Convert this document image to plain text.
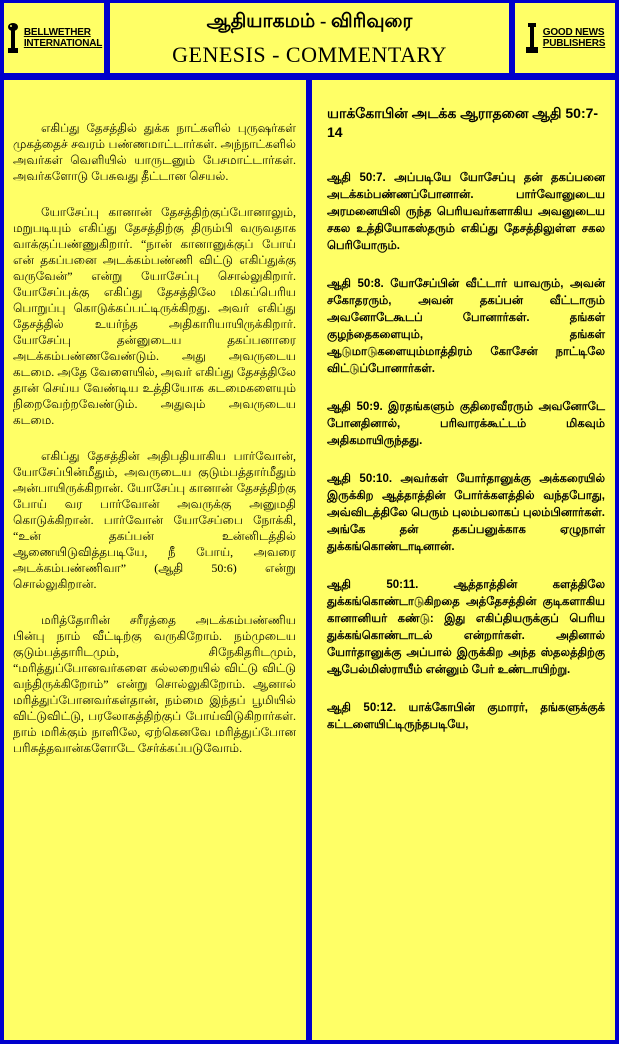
BELLWETHER
INTERNATIONAL
ஆதியாகமம் - விரிவுரை
GENESIS - COMMENTARY
GOOD NEWS
PUBLISHERS

எகிப்து தேசத்தில் துக்க நாட்களில் புருஷர்கள் முகத்தைச் சவரம் பண்ணமாட்டார்கள். அந்நாட்களில் அவர்கள் வெளியில் யாருடனும் பேசமாட்டார்கள். அவர்களோடு பேசுவது தீட்டான செயல்.

யோசேப்பு கானான் தேசத்திற்குப்போனாலும், மறுபடியும் எகிப்து தேசத்திற்கு திரும்பி வருவதாக வாக்குப்பண்ணுகிறார். “நான் கானானுக்குப் போய் என் தகப்பனை அடக்கம்பண்ணி விட்டு எகிப்துக்கு வருவேன்” என்று யோசேப்பு சொல்லுகிறார். யோசேப்புக்கு எகிப்து தேசத்திலே மிகப்பெரிய பொறுப்பு கொடுக்கப்பட்டிருக்கிறது. அவர் எகிப்து தேசத்தில் உயர்ந்த அதிகாரியாயிருக்கிறார். யோசேப்பு தன்னுடைய தகப்பனாரை அடக்கம்பண்ணவேண்டும். அது அவருடைய கடமை. அதே வேளையில், அவர் எகிப்து தேசத்திலே தான் செய்ய வேண்டிய உத்தியோக கடமைகளையும் நிறைவேற்றவேண்டும். அதுவும் அவருடைய கடமை.

எகிப்து தேசத்தின் அதிபதியாகிய பார்வோன், யோசேப்பின்மீதும், அவருடைய குடும்பத்தார்மீதும் அன்பாயிருக்கிறான். யோசேப்பு கானான் தேசத்திற்கு போய் வர பார்வோன் அவருக்கு அனுமதி கொடுக்கிறான். பார்வோன் யோசேப்பை நோக்கி, “உன் தகப்பன் உன்னிடத்தில் ஆணையிடுவித்தபடியே, நீ போய், அவரை அடக்கம்பண்ணிவா” (ஆதி 50:6) என்று சொல்லுகிறான்.

மரித்தோரின் சரீரத்தை அடக்கம்பண்ணிய பின்பு நாம் வீட்டிற்கு வருகிறோம். நம்முடைய குடும்பத்தாரிடமும், சிநேகிதரிடமும், “மரித்துப்போனவர்களை கல்லறையில் விட்டு விட்டு வந்திருக்கிறோம்” என்று சொல்லுகிறோம். ஆனால் மரித்துப்போனவர்கள்தான், நம்மை இந்தப் பூமியில் விட்டுவிட்டு, பரலோகத்திற்குப் போய்விடுகிறார்கள். நாம் மரிக்கும் நாளிலே, ஏற்கெனவே மரித்துப்போன பரிசுத்தவான்களோடே சேர்க்கப்படுவோம்.

யாக்கோபின் அடக்க ஆராதனை ஆதி 50:7-14

ஆதி 50:7. அப்படியே யோசேப்பு தன் தகப்பனை அடக்கம்பண்ணப்போனான். பார்வோனுடைய அரமனையிலி ருந்த பெரியவர்களாகிய அவனுடைய சகல உத்தியோகஸ்தரும் எகிப்து தேசத்திலுள்ள சகல பெரியோரும்.

ஆதி 50:8. யோசேப்பின் வீட்டார் யாவரும், அவன் சகோதரரும், அவன் தகப்பன் வீட்டாரும் அவனோடேகூடப் போனார்கள். தங்கள் குழந்தைகளையும், தங்கள் ஆடுமாடுகளையும்மாத்திரம் கோசேன் நாட்டிலே விட்டுப்போனார்கள்.

ஆதி 50:9. இரதங்களும் குதிரைவீரரும் அவனோடே போனதினால், பரிவாரக்கூட்டம் மிகவும் அதிகமாயிருந்தது.

ஆதி 50:10. அவர்கள் யோர்தானுக்கு அக்கரையில் இருக்கிற ஆத்தாத்தின் போர்க்களத்தில் வந்தபோது, அவ்விடத்திலே பெரும் புலம்பலாகப் புலம்பினார்கள். அங்கே தன் தகப்பனுக்காக ஏழுநாள் துக்கங்கொண்டாடினான்.

ஆதி 50:11. ஆத்தாத்தின் களத்திலே துக்கங்கொண்டாடுகிறதை அத்தேசத்தின் குடிகளாகிய கானானியர் கண்டு: இது எகிப்தியருக்குப் பெரிய துக்கங்கொண்டாடல் என்றார்கள். அதினால் யோர்தானுக்கு அப்பால் இருக்கிற அந்த ஸ்தலத்திற்கு ஆபேல்மிஸ்ராயீம் என்னும் பேர் உண்டாயிற்று.

ஆதி 50:12. யாக்கோபின் குமாரர், தங்களுக்குக் கட்டளையிட்டிருந்தபடியே,
